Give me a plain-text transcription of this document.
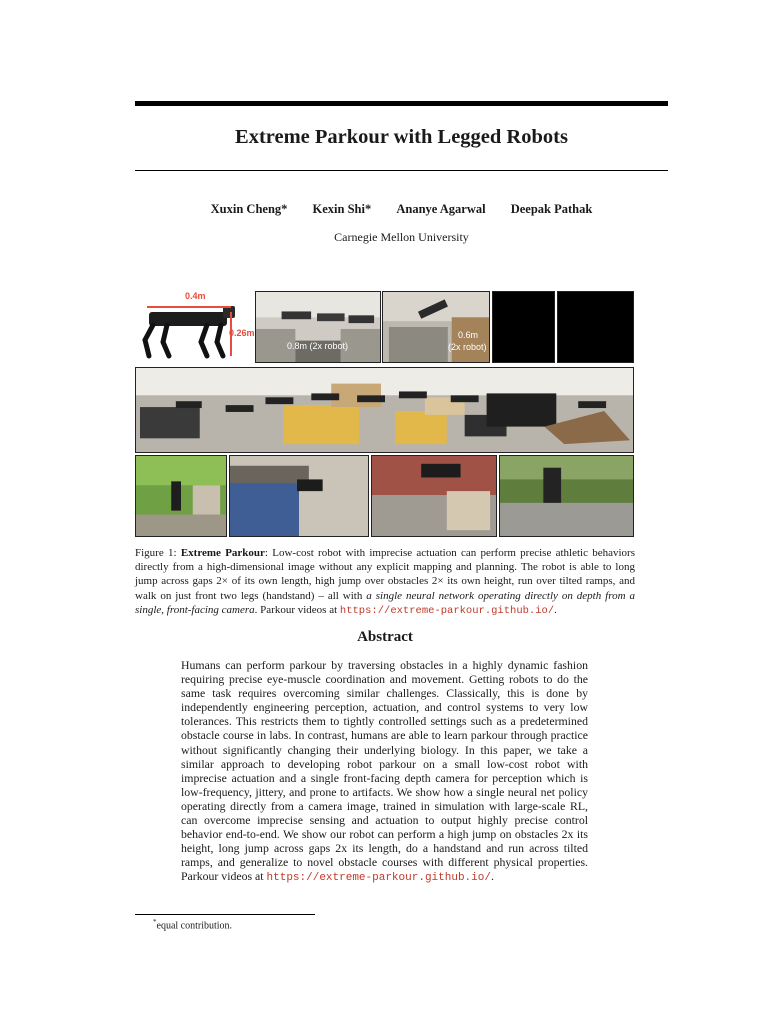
Extreme Parkour with Legged Robots
Xuxin Cheng* Kexin Shi* Ananye Agarwal Deepak Pathak
Carnegie Mellon University
0.4m
0.26m
0.8m (2x robot)
0.6m
(2x robot)
Figure 1: Extreme Parkour: Low-cost robot with imprecise actuation can perform precise athletic behaviors directly from a high-dimensional image without any explicit mapping and planning. The robot is able to long jump across gaps 2× of its own length, high jump over obstacles 2× its own height, run over tilted ramps, and walk on just front two legs (handstand) – all with a single neural network operating directly on depth from a single, front-facing camera. Parkour videos at https://extreme-parkour.github.io/.
Abstract
Humans can perform parkour by traversing obstacles in a highly dynamic fashion requiring precise eye-muscle coordination and movement. Getting robots to do the same task requires overcoming similar challenges. Classically, this is done by independently engineering perception, actuation, and control systems to very low tolerances. This restricts them to tightly controlled settings such as a predetermined obstacle course in labs. In contrast, humans are able to learn parkour through practice without significantly changing their underlying biology. In this paper, we take a similar approach to developing robot parkour on a small low-cost robot with imprecise actuation and a single front-facing depth camera for perception which is low-frequency, jittery, and prone to artifacts. We show how a single neural net policy operating directly from a camera image, trained in simulation with large-scale RL, can overcome imprecise sensing and actuation to output highly precise control behavior end-to-end. We show our robot can perform a high jump on obstacles 2x its height, long jump across gaps 2x its length, do a handstand and run across tilted ramps, and generalize to novel obstacle courses with different physical properties. Parkour videos at https://extreme-parkour.github.io/.
*equal contribution.
